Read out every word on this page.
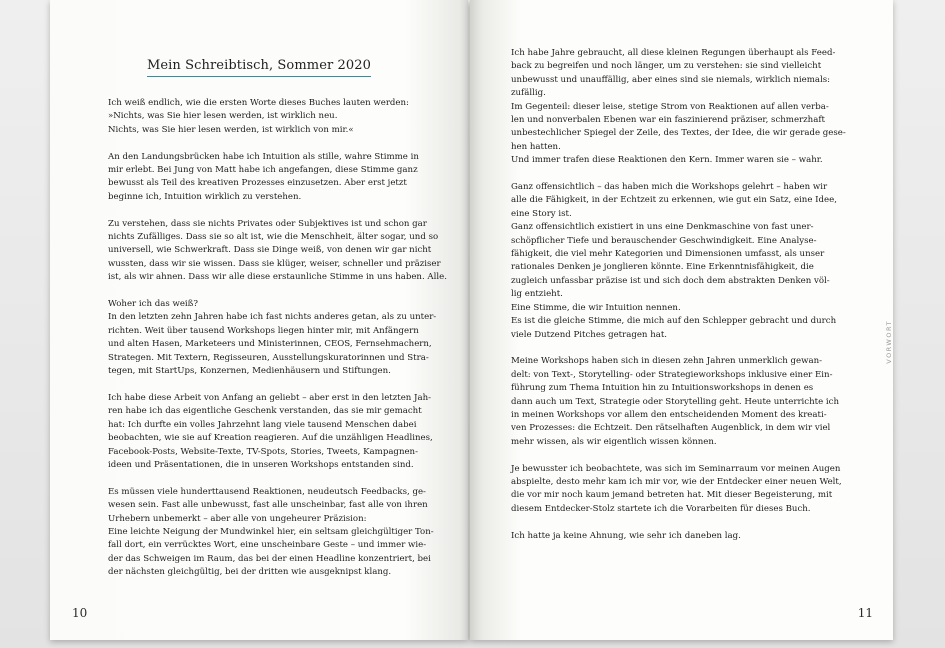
Mein Schreibtisch, Sommer 2020
Ich weiß endlich, wie die ersten Worte dieses Buches lauten werden:
»Nichts, was Sie hier lesen werden, ist wirklich neu.
Nichts, was Sie hier lesen werden, ist wirklich von mir.«
An den Landungsbrücken habe ich Intuition als stille, wahre Stimme in
mir erlebt. Bei Jung von Matt habe ich angefangen, diese Stimme ganz
bewusst als Teil des kreativen Prozesses einzusetzen. Aber erst jetzt
beginne ich, Intuition wirklich zu verstehen.
Zu verstehen, dass sie nichts Privates oder Subjektives ist und schon gar
nichts Zufälliges. Dass sie so alt ist, wie die Menschheit, älter sogar, und so
universell, wie Schwerkraft. Dass sie Dinge weiß, von denen wir gar nicht
wussten, dass wir sie wissen. Dass sie klüger, weiser, schneller und präziser
ist, als wir ahnen. Dass wir alle diese erstaunliche Stimme in uns haben. Alle.
Woher ich das weiß?
In den letzten zehn Jahren habe ich fast nichts anderes getan, als zu unter-
richten. Weit über tausend Workshops liegen hinter mir, mit Anfängern
und alten Hasen, Marketeers und Ministerinnen, CEOS, Fernsehmachern,
Strategen. Mit Textern, Regisseuren, Ausstellungskuratorinnen und Stra-
tegen, mit StartUps, Konzernen, Medienhäusern und Stiftungen.
Ich habe diese Arbeit von Anfang an geliebt – aber erst in den letzten Jah-
ren habe ich das eigentliche Geschenk verstanden, das sie mir gemacht
hat: Ich durfte ein volles Jahrzehnt lang viele tausend Menschen dabei
beobachten, wie sie auf Kreation reagieren. Auf die unzähligen Headlines,
Facebook-Posts, Website-Texte, TV-Spots, Stories, Tweets, Kampagnen-
ideen und Präsentationen, die in unseren Workshops entstanden sind.
Es müssen viele hunderttausend Reaktionen, neudeutsch Feedbacks, ge-
wesen sein. Fast alle unbewusst, fast alle unscheinbar, fast alle von ihren
Urhebern unbemerkt – aber alle von ungeheurer Präzision:
Eine leichte Neigung der Mundwinkel hier, ein seltsam gleichgültiger Ton-
fall dort, ein verrücktes Wort, eine unscheinbare Geste – und immer wie-
der das Schweigen im Raum, das bei der einen Headline konzentriert, bei
der nächsten gleichgültig, bei der dritten wie ausgeknipst klang.
10
Ich habe Jahre gebraucht, all diese kleinen Regungen überhaupt als Feed-
back zu begreifen und noch länger, um zu verstehen: sie sind vielleicht
unbewusst und unauffällig, aber eines sind sie niemals, wirklich niemals:
zufällig.
Im Gegenteil: dieser leise, stetige Strom von Reaktionen auf allen verba-
len und nonverbalen Ebenen war ein faszinierend präziser, schmerzhaft
unbestechlicher Spiegel der Zeile, des Textes, der Idee, die wir gerade gese-
hen hatten.
Und immer trafen diese Reaktionen den Kern. Immer waren sie – wahr.
Ganz offensichtlich – das haben mich die Workshops gelehrt – haben wir
alle die Fähigkeit, in der Echtzeit zu erkennen, wie gut ein Satz, eine Idee,
eine Story ist.
Ganz offensichtlich existiert in uns eine Denkmaschine von fast uner-
schöpflicher Tiefe und berauschender Geschwindigkeit. Eine Analyse-
fähigkeit, die viel mehr Kategorien und Dimensionen umfasst, als unser
rationales Denken je jonglieren könnte. Eine Erkenntnisfähigkeit, die
zugleich unfassbar präzise ist und sich doch dem abstrakten Denken völ-
lig entzieht.
Eine Stimme, die wir Intuition nennen.
Es ist die gleiche Stimme, die mich auf den Schlepper gebracht und durch
viele Dutzend Pitches getragen hat.
Meine Workshops haben sich in diesen zehn Jahren unmerklich gewan-
delt: von Text-, Storytelling- oder Strategieworkshops inklusive einer Ein-
führung zum Thema Intuition hin zu Intuitionsworkshops in denen es
dann auch um Text, Strategie oder Storytelling geht. Heute unterrichte ich
in meinen Workshops vor allem den entscheidenden Moment des kreati-
ven Prozesses: die Echtzeit. Den rätselhaften Augenblick, in dem wir viel
mehr wissen, als wir eigentlich wissen können.
Je bewusster ich beobachtete, was sich im Seminarraum vor meinen Augen
abspielte, desto mehr kam ich mir vor, wie der Entdecker einer neuen Welt,
die vor mir noch kaum jemand betreten hat. Mit dieser Begeisterung, mit
diesem Entdecker-Stolz startete ich die Vorarbeiten für dieses Buch.
Ich hatte ja keine Ahnung, wie sehr ich daneben lag.
VORWORT
11
